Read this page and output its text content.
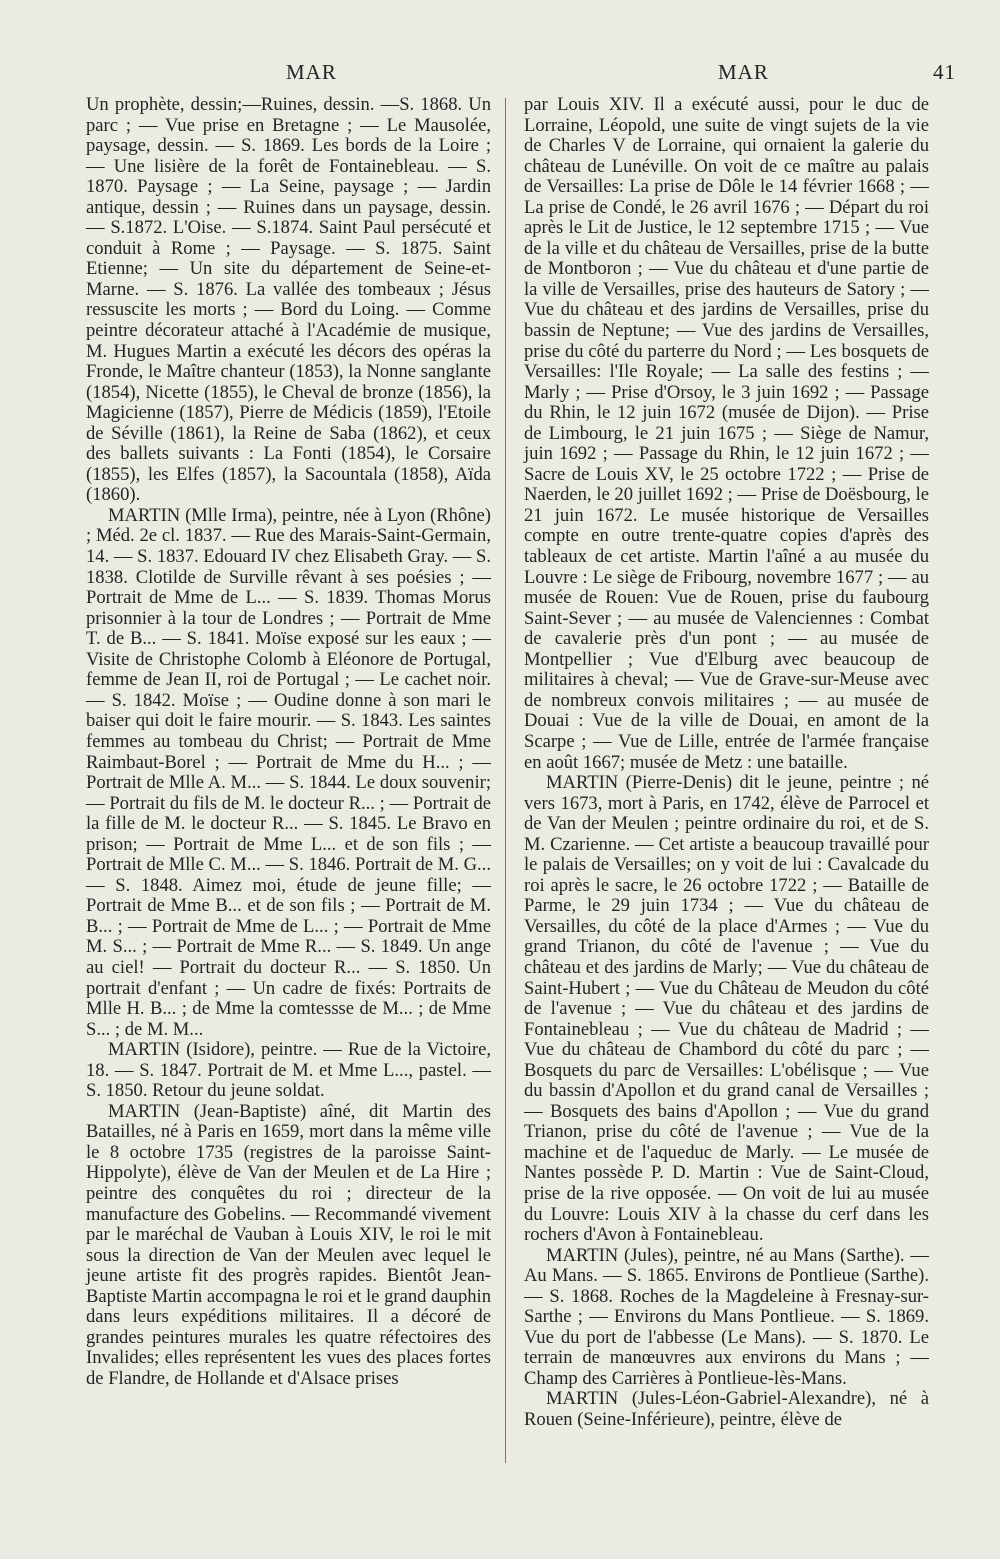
MAR	MAR	41

Un prophète, dessin;—Ruines, dessin. —S. 1868. Un parc ; — Vue prise en Bretagne ; — Le Mausolée, paysage, dessin. — S. 1869. Les bords de la Loire ; — Une lisière de la forêt de Fontainebleau. — S. 1870. Paysage ; — La Seine, paysage ; — Jardin antique, dessin ; — Ruines dans un paysage, dessin.— S.1872. L'Oise. — S.1874. Saint Paul persécuté et conduit à Rome ; — Paysage. — S. 1875. Saint Etienne; — Un site du département de Seine-et-Marne. — S. 1876. La vallée des tombeaux ; Jésus ressuscite les morts ; — Bord du Loing. — Comme peintre décorateur attaché à l'Académie de musique, M. Hugues Martin a exécuté les décors des opéras la Fronde, le Maître chanteur (1853), la Nonne sanglante (1854), Nicette (1855), le Cheval de bronze (1856), la Magicienne (1857), Pierre de Médicis (1859), l'Etoile de Séville (1861), la Reine de Saba (1862), et ceux des ballets suivants : La Fonti (1854), le Corsaire (1855), les Elfes (1857), la Sacountala (1858), Aïda (1860).

MARTIN (Mlle Irma), peintre, née à Lyon (Rhône) ; Méd. 2e cl. 1837. — Rue des Marais-Saint-Germain, 14. — S. 1837. Edouard IV chez Elisabeth Gray. — S. 1838. Clotilde de Surville rêvant à ses poésies ; — Portrait de Mme de L... — S. 1839. Thomas Morus prisonnier à la tour de Londres ; — Portrait de Mme T. de B... — S. 1841. Moïse exposé sur les eaux ; — Visite de Christophe Colomb à Eléonore de Portugal, femme de Jean II, roi de Portugal ; — Le cachet noir. — S. 1842. Moïse ; — Oudine donne à son mari le baiser qui doit le faire mourir. — S. 1843. Les saintes femmes au tombeau du Christ; — Portrait de Mme Raimbaut-Borel ; — Portrait de Mme du H... ; — Portrait de Mlle A. M... — S. 1844. Le doux souvenir; — Portrait du fils de M. le docteur R... ; — Portrait de la fille de M. le docteur R... — S. 1845. Le Bravo en prison; — Portrait de Mme L... et de son fils ; — Portrait de Mlle C. M... — S. 1846. Portrait de M. G... — S. 1848. Aimez moi, étude de jeune fille; — Portrait de Mme B... et de son fils ; — Portrait de M. B... ; — Portrait de Mme de L... ; — Portrait de Mme M. S... ; — Portrait de Mme R... — S. 1849. Un ange au ciel! — Portrait du docteur R... — S. 1850. Un portrait d'enfant ; — Un cadre de fixés: Portraits de Mlle H. B... ; de Mme la comtessse de M... ; de Mme S... ; de M. M...

MARTIN (Isidore), peintre. — Rue de la Victoire, 18. — S. 1847. Portrait de M. et Mme L..., pastel. — S. 1850. Retour du jeune soldat.

MARTIN (Jean-Baptiste) aîné, dit Martin des Batailles, né à Paris en 1659, mort dans la même ville le 8 octobre 1735 (registres de la paroisse Saint-Hippolyte), élève de Van der Meulen et de La Hire ; peintre des conquêtes du roi ; directeur de la manufacture des Gobelins. — Recommandé vivement par le maréchal de Vauban à Louis XIV, le roi le mit sous la direction de Van der Meulen avec lequel le jeune artiste fit des progrès rapides. Bientôt Jean-Baptiste Martin accompagna le roi et le grand dauphin dans leurs expéditions militaires. Il a décoré de grandes peintures murales les quatre réfectoires des Invalides; elles représentent les vues des places fortes de Flandre, de Hollande et d'Alsace prises

par Louis XIV. Il a exécuté aussi, pour le duc de Lorraine, Léopold, une suite de vingt sujets de la vie de Charles V de Lorraine, qui ornaient la galerie du château de Lunéville. On voit de ce maître au palais de Versailles: La prise de Dôle le 14 février 1668 ; — La prise de Condé, le 26 avril 1676 ; — Départ du roi après le Lit de Justice, le 12 septembre 1715 ; — Vue de la ville et du château de Versailles, prise de la butte de Montboron ; — Vue du château et d'une partie de la ville de Versailles, prise des hauteurs de Satory ; — Vue du château et des jardins de Versailles, prise du bassin de Neptune; — Vue des jardins de Versailles, prise du côté du parterre du Nord ; — Les bosquets de Versailles: l'Ile Royale; — La salle des festins ; — Marly ; — Prise d'Orsoy, le 3 juin 1692 ; — Passage du Rhin, le 12 juin 1672 (musée de Dijon). — Prise de Limbourg, le 21 juin 1675 ; — Siège de Namur, juin 1692 ; — Passage du Rhin, le 12 juin 1672 ; — Sacre de Louis XV, le 25 octobre 1722 ; — Prise de Naerden, le 20 juillet 1692 ; — Prise de Doësbourg, le 21 juin 1672. Le musée historique de Versailles compte en outre trente-quatre copies d'après des tableaux de cet artiste. Martin l'aîné a au musée du Louvre : Le siège de Fribourg, novembre 1677 ; — au musée de Rouen: Vue de Rouen, prise du faubourg Saint-Sever ; — au musée de Valenciennes : Combat de cavalerie près d'un pont ; — au musée de Montpellier ; Vue d'Elburg avec beaucoup de militaires à cheval; — Vue de Grave-sur-Meuse avec de nombreux convois militaires ; — au musée de Douai : Vue de la ville de Douai, en amont de la Scarpe ; — Vue de Lille, entrée de l'armée française en août 1667; musée de Metz : une bataille.

MARTIN (Pierre-Denis) dit le jeune, peintre ; né vers 1673, mort à Paris, en 1742, élève de Parrocel et de Van der Meulen ; peintre ordinaire du roi, et de S. M. Czarienne. — Cet artiste a beaucoup travaillé pour le palais de Versailles; on y voit de lui : Cavalcade du roi après le sacre, le 26 octobre 1722 ; — Bataille de Parme, le 29 juin 1734 ; — Vue du château de Versailles, du côté de la place d'Armes ; — Vue du grand Trianon, du côté de l'avenue ; — Vue du château et des jardins de Marly; — Vue du château de Saint-Hubert ; — Vue du Château de Meudon du côté de l'avenue ; — Vue du château et des jardins de Fontainebleau ; — Vue du château de Madrid ; — Vue du château de Chambord du côté du parc ; — Bosquets du parc de Versailles: L'obélisque ; — Vue du bassin d'Apollon et du grand canal de Versailles ; — Bosquets des bains d'Apollon ; — Vue du grand Trianon, prise du côté de l'avenue ; — Vue de la machine et de l'aqueduc de Marly. — Le musée de Nantes possède P. D. Martin : Vue de Saint-Cloud, prise de la rive opposée. — On voit de lui au musée du Louvre: Louis XIV à la chasse du cerf dans les rochers d'Avon à Fontainebleau.

MARTIN (Jules), peintre, né au Mans (Sarthe). — Au Mans. — S. 1865. Environs de Pontlieue (Sarthe). — S. 1868. Roches de la Magdeleine à Fresnay-sur-Sarthe ; — Environs du Mans Pontlieue. — S. 1869. Vue du port de l'abbesse (Le Mans). — S. 1870. Le terrain de manœuvres aux environs du Mans ; — Champ des Carrières à Pontlieue-lès-Mans.

MARTIN (Jules-Léon-Gabriel-Alexandre), né à Rouen (Seine-Inférieure), peintre, élève de
